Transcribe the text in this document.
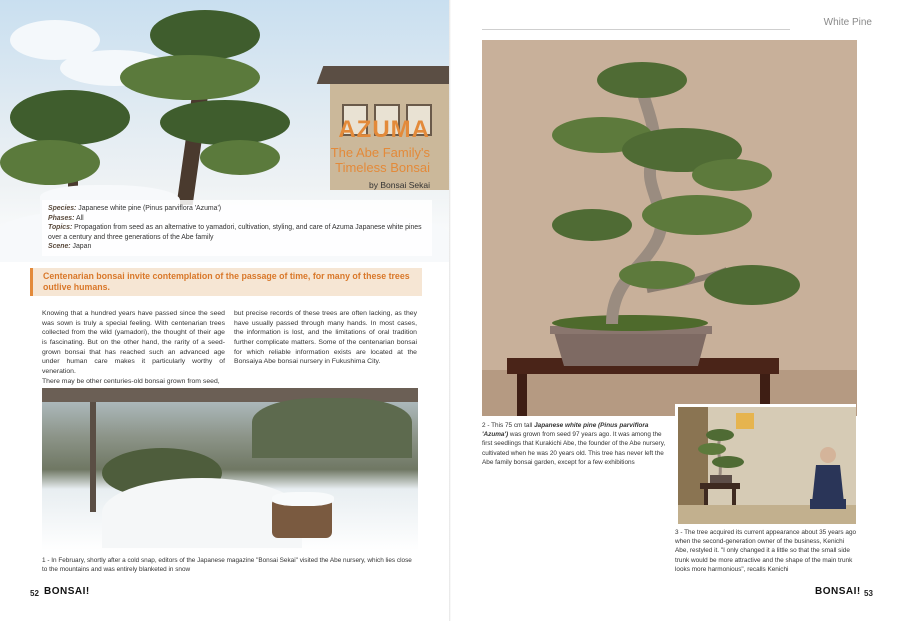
AZUMA
The Abe Family's
Timeless Bonsai
by Bonsai Sekai
Species: Japanese white pine (Pinus parviflora 'Azuma')
Phases: All
Topics: Propagation from seed as an alternative to yamadori, cultivation, styling, and care of Azuma Japanese white pines over a century and three generations of the Abe family
Scene: Japan
Centenarian bonsai invite contemplation of the passage of time, for many of these trees outlive humans.

Knowing that a hundred years have passed since the seed was sown is truly a special feeling. With centenarian trees collected from the wild (yamadori), the thought of their age is fascinating. But on the other hand, the rarity of a seed-grown bonsai that has reached such an advanced age under human care makes it particularly worthy of veneration.

There may be other centuries-old bonsai grown from seed,

but precise records of these trees are often lacking, as they have usually passed through many hands. In most cases, the information is lost, and the limitations of oral tradition further complicate matters. Some of the centenarian bonsai for which reliable information exists are located at the Bonsaiya Abe bonsai nursery in Fukushima City.

1 - In February, shortly after a cold snap, editors of the Japanese magazine "Bonsai Sekai" visited the Abe nursery, which lies close to the mountains and was entirely blanketed in snow
52 BONSAI!
White Pine
2 - This 75 cm tall Japanese white pine (Pinus parviflora 'Azuma') was grown from seed 97 years ago. It was among the first seedlings that Kurakichi Abe, the founder of the Abe nursery, cultivated when he was 20 years old. This tree has never left the Abe family bonsai garden, except for a few exhibitions
3 - The tree acquired its current appearance about 35 years ago when the second-generation owner of the business, Kenichi Abe, restyled it. "I only changed it a little so that the small side trunk would be more attractive and the shape of the main trunk looks more harmonious", recalls Kenichi
BONSAI! 53
